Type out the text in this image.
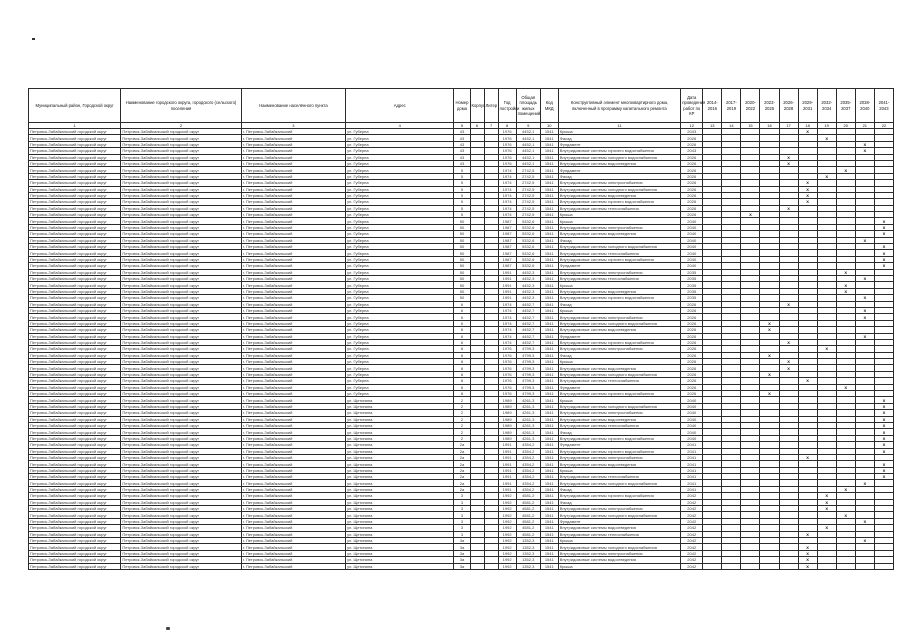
Муниципальный район, Городской округ	Наименование городского округа, городского (сельского) поселения	Наименование населённого пункта	Адрес	Номер дома	Корпус	Литер	Год постройки	Общая площадь жилых помещений	Код МКД	Конструктивный элемент многоквартирного дома, включенный в программу капитального ремонта	Дата проведения работ по КР	2014-2016	2017-2019	2020-2022	2023-2025	2026-2028	2029-2031	2032-2034	2035-2037	2038-2040	2041-2043
1	2	3	4	5	6	7	8	9	10	11	12	13	14	15	16	17	18	19	20	21	22
Петровск-Забайкальский городской округ	Петровск-Забайкальский городской округ	г. Петровск-Забайкальский	ул. Губерна	43			1976	4452,1	1541	Крыша	2043						X				
Петровск-Забайкальский городской округ	Петровск-Забайкальский городской округ	г. Петровск-Забайкальский	ул. Губерна	43			1976	4452,1	1541	Фасад	2026							X			
Петровск-Забайкальский городской округ	Петровск-Забайкальский городской округ	г. Петровск-Забайкальский	ул. Губерна	43			1976	4452,1	1541	Фундамент	2026									X	
Петровск-Забайкальский городской округ	Петровск-Забайкальский городской округ	г. Петровск-Забайкальский	ул. Губерна	43			1976	4452,1	1541	Внутридомовые системы горячего водоснабжения	2043									X	
Петровск-Забайкальский городской округ	Петровск-Забайкальский городской округ	г. Петровск-Забайкальский	ул. Губерна	43			1976	4452,1	1541	Внутридомовые системы холодного водоснабжения	2026					X					
Петровск-Забайкальский городской округ	Петровск-Забайкальский городской округ	г. Петровск-Забайкальский	ул. Губерна	43			1976	4452,1	1541	Внутридомовые системы водоотведения	2026					X					
Петровск-Забайкальский городской округ	Петровск-Забайкальский городской округ	г. Петровск-Забайкальский	ул. Губерна	5			1974	2742,5	1541	Фундамент	2026								X		
Петровск-Забайкальский городской округ	Петровск-Забайкальский городской округ	г. Петровск-Забайкальский	ул. Губерна	5			1974	2742,5	1541	Фасад	2026							X			
Петровск-Забайкальский городской округ	Петровск-Забайкальский городской округ	г. Петровск-Забайкальский	ул. Губерна	5			1974	2742,5	1541	Внутридомовые системы электроснабжения	2026						X				
Петровск-Забайкальский городской округ	Петровск-Забайкальский городской округ	г. Петровск-Забайкальский	ул. Губерна	5			1974	2742,5	1541	Внутридомовые системы холодного водоснабжения	2026						X				
Петровск-Забайкальский городской округ	Петровск-Забайкальский городской округ	г. Петровск-Забайкальский	ул. Губерна	5			1974	2742,5	1541	Внутридомовые системы водоотведения	2026						X				
Петровск-Забайкальский городской округ	Петровск-Забайкальский городской округ	г. Петровск-Забайкальский	ул. Губерна	5			1974	2742,5	1541	Внутридомовые системы горячего водоснабжения	2026						X				
Петровск-Забайкальский городской округ	Петровск-Забайкальский городской округ	г. Петровск-Забайкальский	ул. Губерна	5			1974	2742,5	1541	Внутридомовые системы теплоснабжения	2026					X					
Петровск-Забайкальский городской округ	Петровск-Забайкальский городской округ	г. Петровск-Забайкальский	ул. Губерна	5			1974	2742,5	1541	Крыша	2026			X							
Петровск-Забайкальский городской округ	Петровск-Забайкальский городской округ	г. Петровск-Забайкальский	ул. Губерна	50			1987	5332,6	1541	Крыша	2040										X
Петровск-Забайкальский городской округ	Петровск-Забайкальский городской округ	г. Петровск-Забайкальский	ул. Губерна	50			1987	5332,6	1541	Внутридомовые системы электроснабжения	2040										X
Петровск-Забайкальский городской округ	Петровск-Забайкальский городской округ	г. Петровск-Забайкальский	ул. Губерна	50			1987	5332,6	1541	Внутридомовые системы водоотведения	2040										X
Петровск-Забайкальский городской округ	Петровск-Забайкальский городской округ	г. Петровск-Забайкальский	ул. Губерна	50			1987	5332,6	1541	Фасад	2040									X	
Петровск-Забайкальский городской округ	Петровск-Забайкальский городской округ	г. Петровск-Забайкальский	ул. Губерна	50			1987	5332,6	1541	Внутридомовые системы холодного водоснабжения	2040										X
Петровск-Забайкальский городской округ	Петровск-Забайкальский городской округ	г. Петровск-Забайкальский	ул. Губерна	50			1987	5332,6	1541	Внутридомовые системы теплоснабжения	2040										X
Петровск-Забайкальский городской округ	Петровск-Забайкальский городской округ	г. Петровск-Забайкальский	ул. Губерна	50			1987	5332,6	1541	Внутридомовые системы горячего водоснабжения	2040										X
Петровск-Забайкальский городской округ	Петровск-Забайкальский городской округ	г. Петровск-Забайкальский	ул. Губерна	50			1987	5332,6	1541	Фундамент	2040										X
Петровск-Забайкальский городской округ	Петровск-Забайкальский городской округ	г. Петровск-Забайкальский	ул. Губерна	50			1991	4452,3	1541	Внутридомовые системы электроснабжения	2035								X		
Петровск-Забайкальский городской округ	Петровск-Забайкальский городской округ	г. Петровск-Забайкальский	ул. Губерна	50			1991	4452,3	1541	Внутридомовые системы теплоснабжения	2035									X	
Петровск-Забайкальский городской округ	Петровск-Забайкальский городской округ	г. Петровск-Забайкальский	ул. Губерна	50			1991	4452,3	1541	Крыша	2035								X		
Петровск-Забайкальский городской округ	Петровск-Забайкальский городской округ	г. Петровск-Забайкальский	ул. Губерна	50			1991	4452,3	1541	Внутридомовые системы водоотведения	2035								X		
Петровск-Забайкальский городской округ	Петровск-Забайкальский городской округ	г. Петровск-Забайкальский	ул. Губерна	50			1991	4452,3	1541	Внутридомовые системы горячего водоснабжения	2035									X	
Петровск-Забайкальский городской округ	Петровск-Забайкальский городской округ	г. Петровск-Забайкальский	ул. Губерна	6			1974	4452,7	1541	Фасад	2026					X					
Петровск-Забайкальский городской округ	Петровск-Забайкальский городской округ	г. Петровск-Забайкальский	ул. Губерна	6			1974	4452,7	1541	Крыша	2026									X	
Петровск-Забайкальский городской округ	Петровск-Забайкальский городской округ	г. Петровск-Забайкальский	ул. Губерна	6			1974	4452,7	1541	Внутридомовые системы электроснабжения	2026									X	
Петровск-Забайкальский городской округ	Петровск-Забайкальский городской округ	г. Петровск-Забайкальский	ул. Губерна	6			1974	4452,7	1541	Внутридомовые системы холодного водоснабжения	2026				X						
Петровск-Забайкальский городской округ	Петровск-Забайкальский городской округ	г. Петровск-Забайкальский	ул. Губерна	6			1974	4452,7	1541	Внутридомовые системы водоотведения	2026				X						
Петровск-Забайкальский городской округ	Петровск-Забайкальский городской округ	г. Петровск-Забайкальский	ул. Губерна	6			1974	4452,7	1541	Фундамент	2026									X	
Петровск-Забайкальский городской округ	Петровск-Забайкальский городской округ	г. Петровск-Забайкальский	ул. Губерна	6			1974	4452,7	1541	Внутридомовые системы горячего водоснабжения	2026					X					
Петровск-Забайкальский городской округ	Петровск-Забайкальский городской округ	г. Петровск-Забайкальский	ул. Губерна	8			1976	4799,3	1541	Внутридомовые системы электроснабжения	2026							X			
Петровск-Забайкальский городской округ	Петровск-Забайкальский городской округ	г. Петровск-Забайкальский	ул. Губерна	8			1976	4799,3	1541	Фасад	2026				X						
Петровск-Забайкальский городской округ	Петровск-Забайкальский городской округ	г. Петровск-Забайкальский	ул. Губерна	8			1976	4799,3	1541	Крыша	2026					X					
Петровск-Забайкальский городской округ	Петровск-Забайкальский городской округ	г. Петровск-Забайкальский	ул. Губерна	8			1976	4799,3	1541	Внутридомовые системы водоотведения	2026					X					
Петровск-Забайкальский городской округ	Петровск-Забайкальский городской округ	г. Петровск-Забайкальский	ул. Губерна	8			1976	4799,3	1541	Внутридомовые системы холодного водоснабжения	2026				X						
Петровск-Забайкальский городской округ	Петровск-Забайкальский городской округ	г. Петровск-Забайкальский	ул. Губерна	8			1976	4799,3	1541	Внутридомовые системы теплоснабжения	2026						X				
Петровск-Забайкальский городской округ	Петровск-Забайкальский городской округ	г. Петровск-Забайкальский	ул. Губерна	8			1976	4799,3	1541	Фундамент	2026								X		
Петровск-Забайкальский городской округ	Петровск-Забайкальский городской округ	г. Петровск-Забайкальский	ул. Губерна	8			1976	4799,3	1541	Внутридомовые системы горячего водоснабжения	2026				X						
Петровск-Забайкальский городской округ	Петровск-Забайкальский городской округ	г. Петровск-Забайкальский	ул. Щетинина	2			1989	4261,3	1541	Крыша	2040										X
Петровск-Забайкальский городской округ	Петровск-Забайкальский городской округ	г. Петровск-Забайкальский	ул. Щетинина	2			1989	4261,3	1541	Внутридомовые системы холодного водоснабжения	2040										X
Петровск-Забайкальский городской округ	Петровск-Забайкальский городской округ	г. Петровск-Забайкальский	ул. Щетинина	2			1989	4261,3	1541	Внутридомовые системы электроснабжения	2040										X
Петровск-Забайкальский городской округ	Петровск-Забайкальский городской округ	г. Петровск-Забайкальский	ул. Щетинина	2			1989	4261,3	1541	Внутридомовые системы водоотведения	2040										X
Петровск-Забайкальский городской округ	Петровск-Забайкальский городской округ	г. Петровск-Забайкальский	ул. Щетинина	2			1989	4261,3	1541	Внутридомовые системы теплоснабжения	2040										X
Петровск-Забайкальский городской округ	Петровск-Забайкальский городской округ	г. Петровск-Забайкальский	ул. Щетинина	2			1989	4261,3	1541	Фасад	2040										X
Петровск-Забайкальский городской округ	Петровск-Забайкальский городской округ	г. Петровск-Забайкальский	ул. Щетинина	2			1989	4261,3	1541	Внутридомовые системы горячего водоснабжения	2040										X
Петровск-Забайкальский городской округ	Петровск-Забайкальский городской округ	г. Петровск-Забайкальский	ул. Щетинина	2а			1991	4354,2	1541	Фундамент	2041										X
Петровск-Забайкальский городской округ	Петровск-Забайкальский городской округ	г. Петровск-Забайкальский	ул. Щетинина	2а			1991	4354,2	1541	Внутридомовые системы горячего водоснабжения	2041										X
Петровск-Забайкальский городской округ	Петровск-Забайкальский городской округ	г. Петровск-Забайкальский	ул. Щетинина	2а			1991	4354,2	1541	Внутридомовые системы электроснабжения	2041						X				
Петровск-Забайкальский городской округ	Петровск-Забайкальский городской округ	г. Петровск-Забайкальский	ул. Щетинина	2а			1991	4354,2	1541	Внутридомовые системы водоотведения	2041										X
Петровск-Забайкальский городской округ	Петровск-Забайкальский городской округ	г. Петровск-Забайкальский	ул. Щетинина	2а			1991	4354,2	1541	Крыша	2041										X
Петровск-Забайкальский городской округ	Петровск-Забайкальский городской округ	г. Петровск-Забайкальский	ул. Щетинина	2а			1991	4354,2	1541	Внутридомовые системы теплоснабжения	2041										X
Петровск-Забайкальский городской округ	Петровск-Забайкальский городской округ	г. Петровск-Забайкальский	ул. Щетинина	2а			1991	4354,2	1541	Внутридомовые системы холодного водоснабжения	2041									X	
Петровск-Забайкальский городской округ	Петровск-Забайкальский городской округ	г. Петровск-Забайкальский	ул. Щетинина	2а			1991	4354,2	1541	Фасад	2041								X		
Петровск-Забайкальский городской округ	Петровск-Забайкальский городской округ	г. Петровск-Забайкальский	ул. Щетинина	3			1992	4581,2	1541	Внутридомовые системы горячего водоснабжения	2042							X			
Петровск-Забайкальский городской округ	Петровск-Забайкальский городской округ	г. Петровск-Забайкальский	ул. Щетинина	3			1992	4581,2	1541	Фасад	2042							X			
Петровск-Забайкальский городской округ	Петровск-Забайкальский городской округ	г. Петровск-Забайкальский	ул. Щетинина	3			1992	4581,2	1541	Внутридомовые системы электроснабжения	2042							X			
Петровск-Забайкальский городской округ	Петровск-Забайкальский городской округ	г. Петровск-Забайкальский	ул. Щетинина	3			1992	4581,2	1541	Внутридомовые системы холодного водоснабжения	2042								X		
Петровск-Забайкальский городской округ	Петровск-Забайкальский городской округ	г. Петровск-Забайкальский	ул. Щетинина	3			1992	4581,2	1541	Фундамент	2042									X	
Петровск-Забайкальский городской округ	Петровск-Забайкальский городской округ	г. Петровск-Забайкальский	ул. Щетинина	3			1992	4581,2	1541	Внутридомовые системы водоотведения	2042							X			
Петровск-Забайкальский городской округ	Петровск-Забайкальский городской округ	г. Петровск-Забайкальский	ул. Щетинина	3			1992	4581,2	1541	Внутридомовые системы теплоснабжения	2042						X				
Петровск-Забайкальский городской округ	Петровск-Забайкальский городской округ	г. Петровск-Забайкальский	ул. Щетинина	3а			1992	1352,3	1541	Крыша	2042									X	
Петровск-Забайкальский городской округ	Петровск-Забайкальский городской округ	г. Петровск-Забайкальский	ул. Щетинина	3а			1992	1352,3	1541	Внутридомовые системы холодного водоснабжения	2042						X				
Петровск-Забайкальский городской округ	Петровск-Забайкальский городской округ	г. Петровск-Забайкальский	ул. Щетинина	3а			1992	1352,3	1541	Внутридомовые системы электроснабжения	2042						X				
Петровск-Забайкальский городской округ	Петровск-Забайкальский городской округ	г. Петровск-Забайкальский	ул. Щетинина	3а			1992	1352,3	1541	Внутридомовые системы водоотведения	2042						X				
Петровск-Забайкальский городской округ	Петровск-Забайкальский городской округ	г. Петровск-Забайкальский	ул. Щетинина	3а			1992	1352,3	1541	Крыша	2042						X				
